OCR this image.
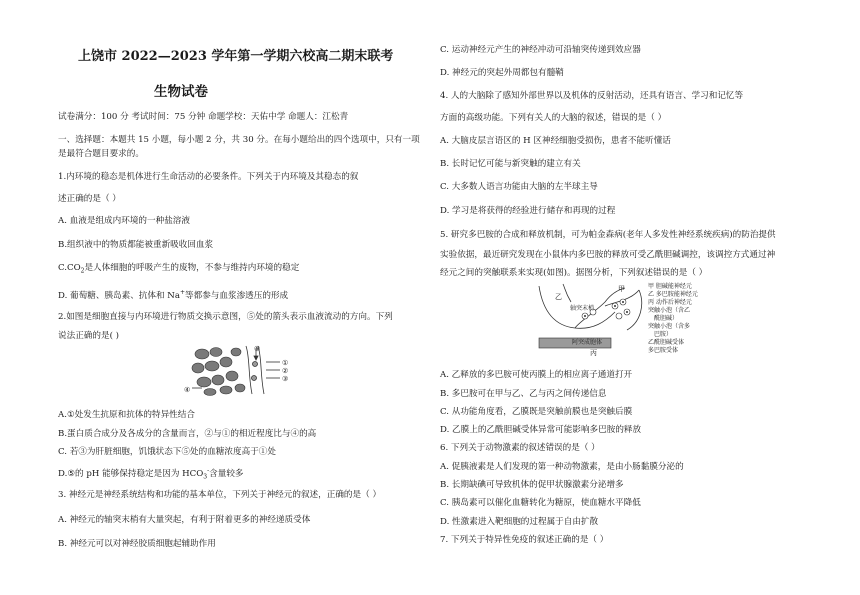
上饶市 2022—2023 学年第一学期六校高二期末联考
生物试卷
试卷满分：100 分 考试时间：75 分钟 命题学校：天佑中学 命题人：江松青
一、选择题：本题共 15 小题，每小题 2 分，共 30 分。在每小题给出的四个选项中，只有一项
是最符合题目要求的。
1.内环境的稳态是机体进行生命活动的必要条件。下列关于内环境及其稳态的叙
述正确的是（ ）
A. 血液是组成内环境的一种盐溶液
B.组织液中的物质都能被重新吸收回血浆
$C.CO_2$是人体细胞的呼吸产生的废物，不参与维持内环境的稳定
D. 葡萄糖、胰岛素、抗体和 Na+等都参与血浆渗透压的形成
2.如图是细胞直接与内环境进行物质交换示意图，⑤处的箭头表示血液流动的方向。下列
说法正确的是( )
⑤
①
②
③
④
A.①处发生抗原和抗体的特异性结合
B.蛋白质合成分及各成分的含量而言，②与①的相近程度比与④的高
C. 若③为肝脏细胞，饥饿状态下⑤处的血糖浓度高于①处
D.⑤的 pH 能够保持稳定是因为 $HCO_3^-$含量较多
3. 神经元是神经系统结构和功能的基本单位，下列关于神经元的叙述，正确的是（ ）
A. 神经元的轴突末梢有大量突起，有利于附着更多的神经递质受体
B. 神经元可以对神经胶质细胞起辅助作用
C. 运动神经元产生的神经冲动可沿轴突传递到效应器
D. 神经元的突起外周都包有髓鞘
4. 人的大脑除了感知外部世界以及机体的反射活动，还具有语言、学习和记忆等
方面的高级功能。下列有关人的大脑的叙述，错误的是（ ）
A. 大脑皮层言语区的 H 区神经细胞受损伤，患者不能听懂话
B. 长时记忆可能与新突触的建立有关
C. 大多数人语言功能由大脑的左半球主导
D. 学习是将获得的经验进行储存和再现的过程
5. 研究多巴胺的合成和释放机制，可为帕金森病(老年人多发性神经系统疾病)的防治提供
实验依据，最近研究发现在小鼠体内多巴胺的释放可受乙酰胆碱调控，该调控方式通过神
经元之间的突触联系来实现(如图)。据图分析，下列叙述错误的是（ ）
乙
轴突末梢
甲
阿突成胞体
丙
甲 胆碱能神经元
乙 多巴胺能神经元
丙 动作后神经元
突触小泡（含乙
酰胆碱）
突触小泡（含多
巴胺）
乙酰胆碱受体
多巴胺受体
A. 乙释放的多巴胺可使丙膜上的相应离子通道打开
B. 多巴胺可在甲与乙、乙与丙之间传递信息
C. 从功能角度看，乙膜既是突触前膜也是突触后膜
D. 乙膜上的乙酰胆碱受体异常可能影响多巴胺的释放
6. 下列关于动物激素的叙述错误的是（ ）
A. 促胰液素是人们发现的第一种动物激素，是由小肠黏膜分泌的
B. 长期缺碘可导致机体的促甲状腺激素分泌增多
C. 胰岛素可以催化血糖转化为糖原，使血糖水平降低
D. 性激素进入靶细胞的过程属于自由扩散
7. 下列关于特异性免疫的叙述正确的是（ ）
